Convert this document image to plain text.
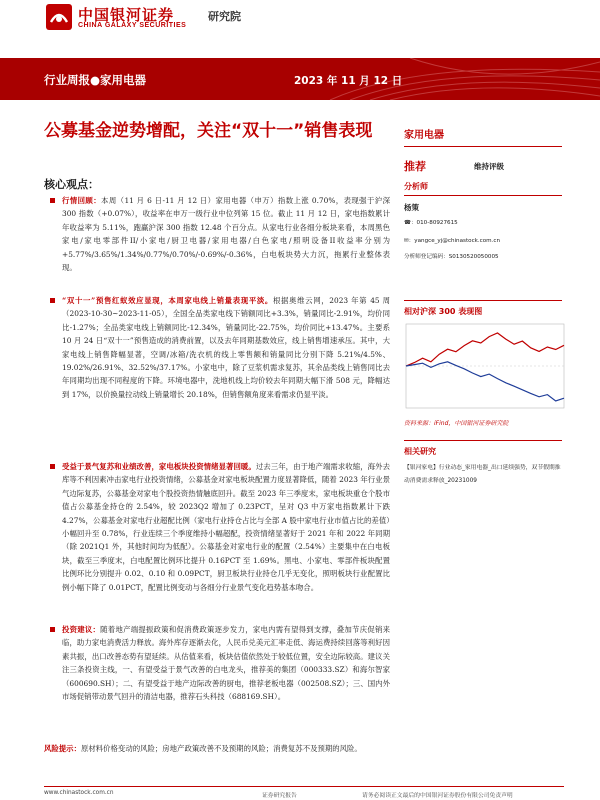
中国银河证券
CHINA GALAXY SECURITIES
研究院
行业周报●家用电器	2023 年 11 月 12 日
公募基金逆势增配，关注“双十一”销售表现
核心观点：
行情回顾：本周（11 月 6 日-11 月 12 日）家用电器（申万）指数上涨 0.70%，表现强于沪深 300 指数（+0.07%），收益率在申万一级行业中位列第 15 位。截止 11 月 12 日，家电指数累计年收益率为 5.11%，跑赢沪深 300 指数 12.48 个百分点。从家电行业各细分板块来看，本周黑色家电/家电零部件II/小家电/厨卫电器/家用电器/白色家电/照明设备II收益率分别为+5.77%/3.65%/1.34%/0.77%/0.70%/-0.69%/-0.36%，白电板块势大力沉，拖累行业整体表现。
“双十一”预售红蚁效应显现，本周家电线上销量表现平淡。根据奥维云网，2023 年第 45 周（2023-10-30~2023-11-05），全国全品类家电线下销额同比+3.3%，销量同比-2.91%，均价同比-1.27%；全品类家电线上销额同比-12.34%，销量同比-22.75%，均价同比+13.47%。主要系 10 月 24 日“双十一”预售造成的消费前置，以及去年同期基数效应，线上销售增速承压。其中，大家电线上销售降幅显著，空调/冰箱/洗衣机的线上零售额和销量同比分别下降 5.21%/4.5%、19.02%/26.91%、32.52%/37.17%。小家电中，除了豆浆机需求复苏，其余品类线上销售同比去年同期均出现不同程度的下降。环境电器中，洗地机线上均价较去年同期大幅下滑 508 元，降幅达到 17%，以价换量拉动线上销量增长 20.18%，但销售额角度来看需求仍显平淡。
受益于景气复苏和业绩改善，家电板块投资情绪显著回暖。过去三年，由于地产端需求收缩，海外去库等不利因素冲击家电行业投资情绪，公募基金对家电板块配置力度显著降低，随着 2023 年行业景气边际复苏，公募基金对家电个股投资热情触底回升。截至 2023 年三季度末，家电板块重仓个股市值占公募基金持仓的 2.54%，较 2023Q2 增加了 0.23PCT，呈对 Q3 中万家电指数累计下跌 4.27%，公募基金对家电行业超配比例（家电行业持仓占比与全部 A 股中家电行业市值占比的差值）小幅回升至 0.78%，行业连续三个季度维持小幅超配，投资情绪显著好于 2021 年和 2022 年同期（除 2021Q1 外，其他时间均为低配）。公募基金对家电行业的配置（2.54%）主要集中在白电板块，截至三季度末，白电配置比例环比提升 0.16PCT 至 1.69%。黑电、小家电、零部件板块配置比例环比分别提升 0.02、0.10 和 0.09PCT，厨卫板块行业持仓几乎无变化，照明板块行业配置比例小幅下降了 0.01PCT，配置比例变动与各细分行业景气变化趋势基本吻合。
投资建议：随着地产端提振政策和促消费政策逐步发力，家电内需有望得到支撑，叠加节庆促销来临，助力家电消费活力释放。海外库存逐渐去化，人民币兑美元汇率走低、海运费持续回落等利好因素共振，出口改善态势有望延续。从估值来看，板块估值依然处于较低位置，安全边际较高。建议关注三条投资主线，一、有望受益于景气改善的白电龙头，推荐美的集团（000333.SZ）和海尔智家（600690.SH）；二、有望受益于地产边际改善的厨电，推荐老板电器（002508.SZ）；三、国内外市场促销带动景气回升的清洁电器，推荐石头科技（688169.SH）。
风险提示：原材料价格变动的风险；房地产政策改善不及预期的风险；消费复苏不及预期的风险。
家用电器
推荐	维持评级
分析师
杨策
☎：010-80927615
✉：yangce_yj@chinastock.com.cn
分析师登记编码：S0130520050005
相对沪深 300 表现图
资料来源：iFind，中国银河证券研究院
相关研究
【银河家电】行业动态_家用电器_出口延续强势，双节假期推动消费需求释放_20231009
www.chinastock.com.cn	证券研究报告	请务必阅读正文最后的中国银河证券股份有限公司免责声明
